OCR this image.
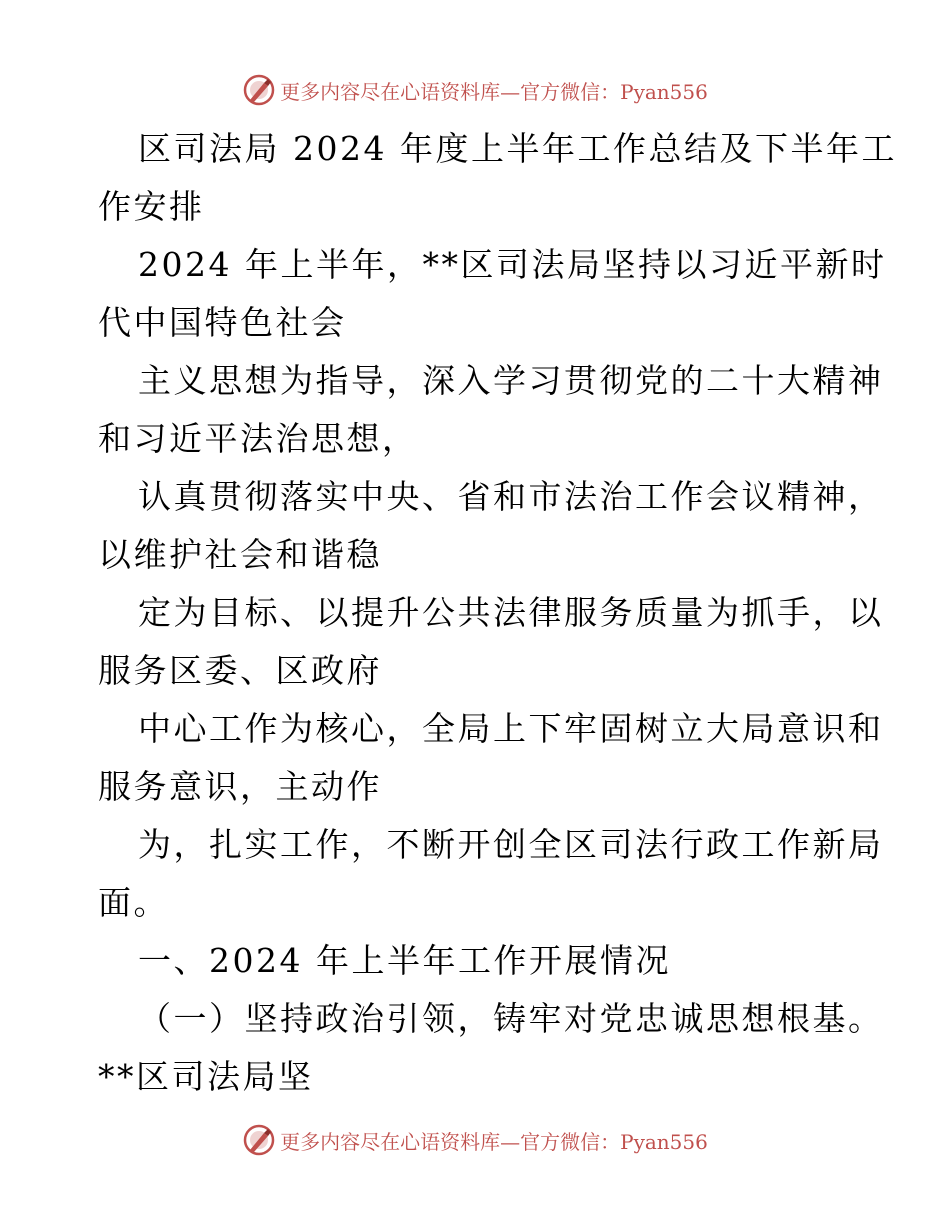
更多内容尽在心语资料库—官方微信：Pyan556
区司法局 2024 年度上半年工作总结及下半年工
作安排
2024 年上半年，**区司法局坚持以习近平新时
代中国特色社会
主义思想为指导，深入学习贯彻党的二十大精神
和习近平法治思想，
认真贯彻落实中央、省和市法治工作会议精神，
以维护社会和谐稳
定为目标、以提升公共法律服务质量为抓手，以
服务区委、区政府
中心工作为核心，全局上下牢固树立大局意识和
服务意识，主动作
为，扎实工作，不断开创全区司法行政工作新局
面。
一、2024 年上半年工作开展情况
（一）坚持政治引领，铸牢对党忠诚思想根基。
**区司法局坚
更多内容尽在心语资料库—官方微信：Pyan556
